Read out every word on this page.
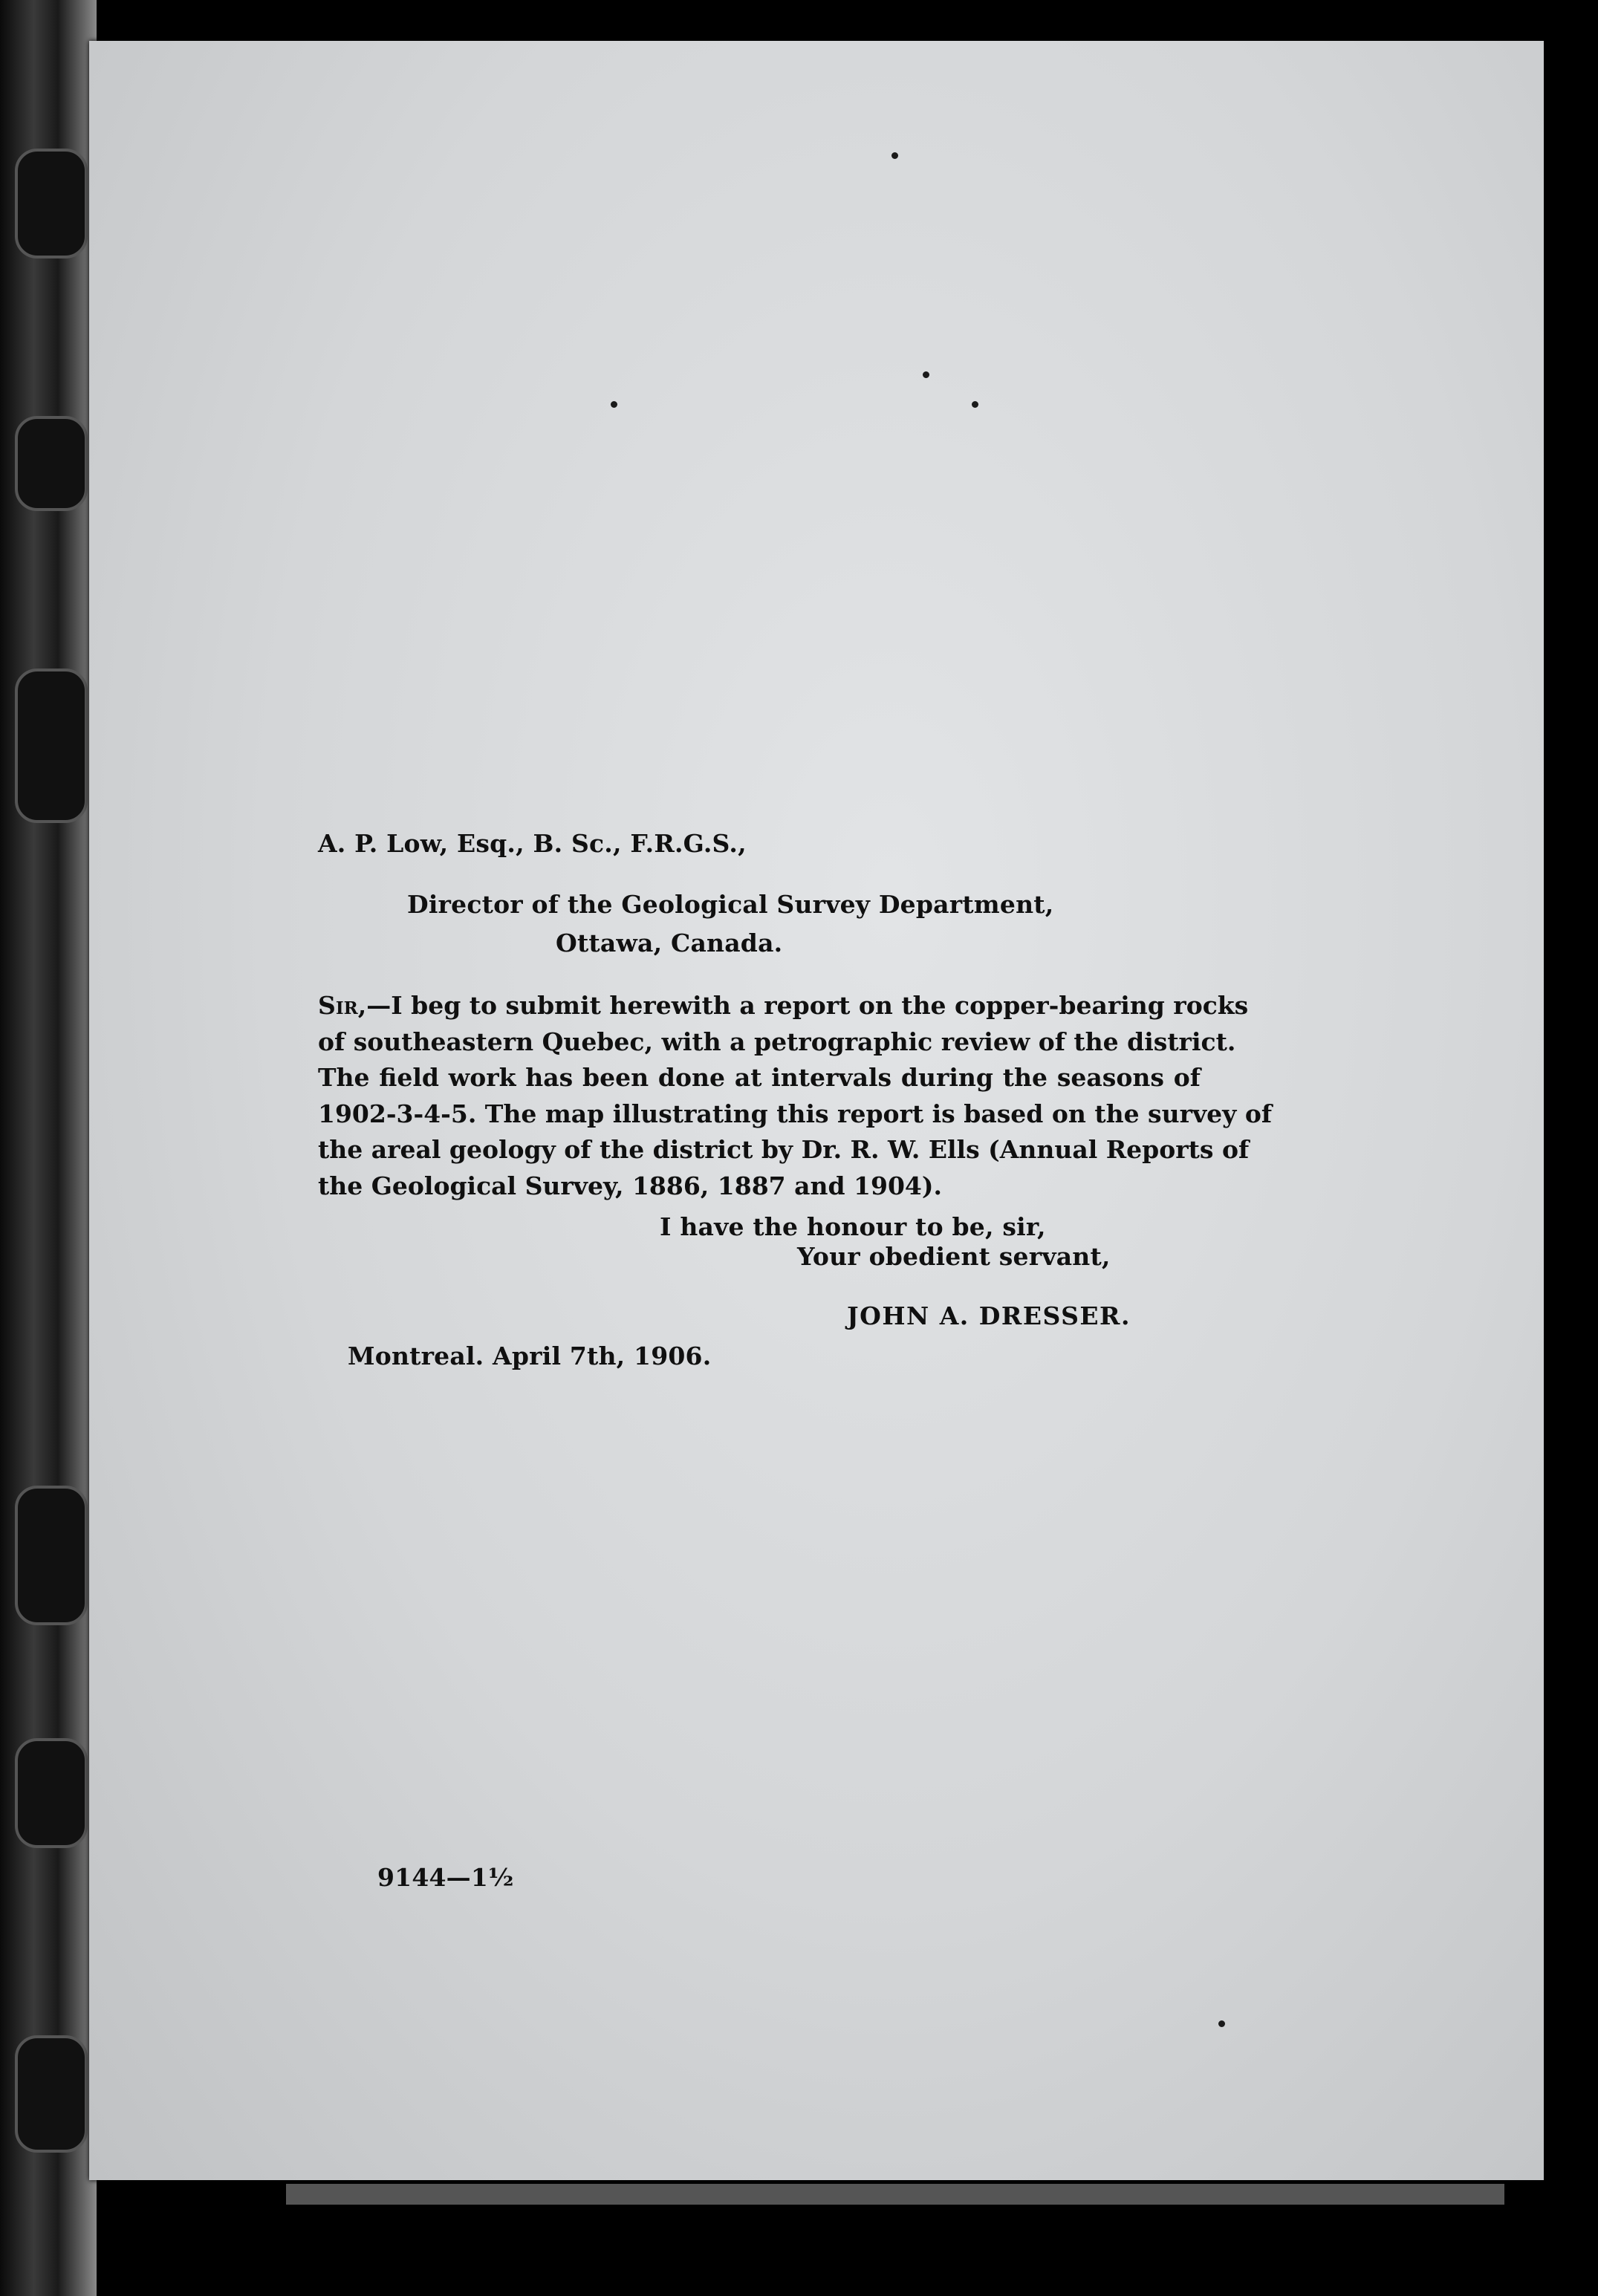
A. P. Low, Esq., B. Sc., F.R.G.S.,
Director of the Geological Survey Department,
Ottawa, Canada.
Sir,—I beg to submit herewith a report on the copper-bearing rocks
of southeastern Quebec, with a petrographic review of the district.
The field work has been done at intervals during the seasons of
1902-3-4-5. The map illustrating this report is based on the survey of
the areal geology of the district by Dr. R. W. Ells (Annual Reports of
the Geological Survey, 1886, 1887 and 1904).
I have the honour to be, sir,
Your obedient servant,
JOHN A. DRESSER.
Montreal. April 7th, 1906.
9144—1½
